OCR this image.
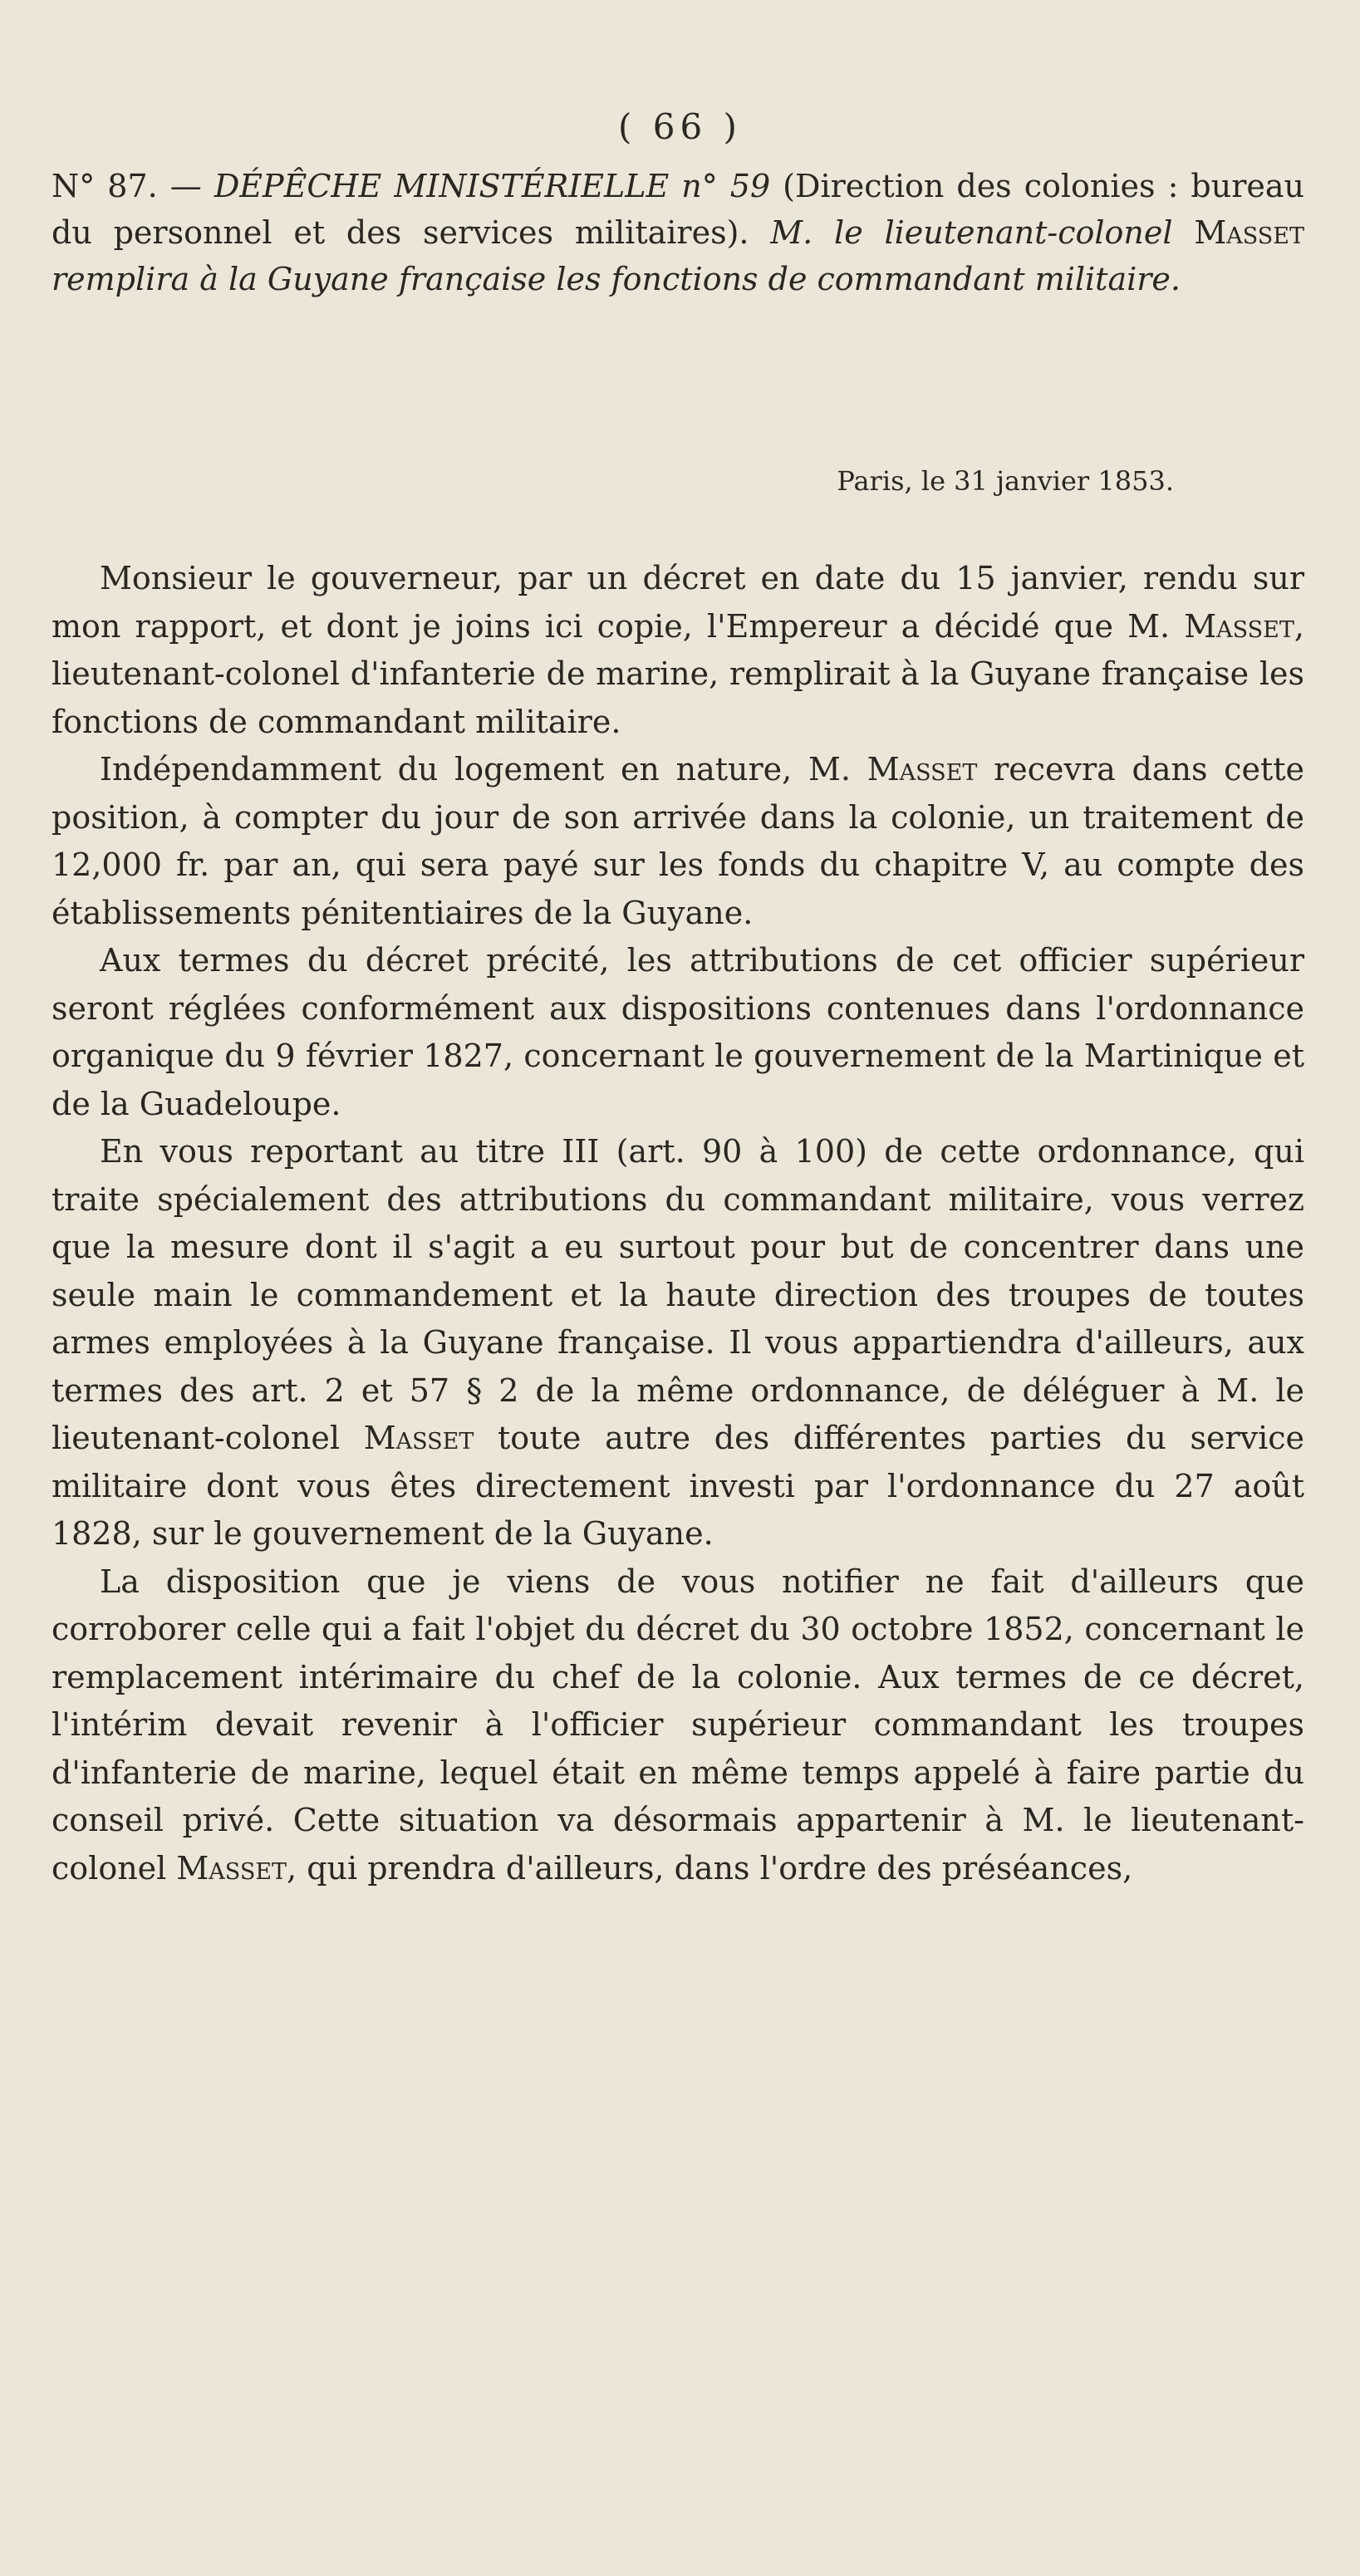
( 66 )
N° 87. — DÉPÊCHE MINISTÉRIELLE n° 59 (Direction des colonies : bureau du personnel et des services militaires). M. le lieutenant-colonel Masset remplira à la Guyane française les fonctions de commandant militaire.
Paris, le 31 janvier 1853.

Monsieur le gouverneur, par un décret en date du 15 janvier, rendu sur mon rapport, et dont je joins ici copie, l'Empereur a décidé que M. Masset, lieutenant-colonel d'infanterie de marine, remplirait à la Guyane française les fonctions de commandant militaire.

Indépendamment du logement en nature, M. Masset recevra dans cette position, à compter du jour de son arrivée dans la colonie, un traitement de 12,000 fr. par an, qui sera payé sur les fonds du chapitre V, au compte des établissements pénitentiaires de la Guyane.

Aux termes du décret précité, les attributions de cet officier supérieur seront réglées conformément aux dispositions contenues dans l'ordonnance organique du 9 février 1827, concernant le gouvernement de la Martinique et de la Guadeloupe.

En vous reportant au titre III (art. 90 à 100) de cette ordonnance, qui traite spécialement des attributions du commandant militaire, vous verrez que la mesure dont il s'agit a eu surtout pour but de concentrer dans une seule main le commandement et la haute direction des troupes de toutes armes employées à la Guyane française. Il vous appartiendra d'ailleurs, aux termes des art. 2 et 57 § 2 de la même ordonnance, de déléguer à M. le lieutenant-colonel Masset toute autre des différentes parties du service militaire dont vous êtes directement investi par l'ordonnance du 27 août 1828, sur le gouvernement de la Guyane.

La disposition que je viens de vous notifier ne fait d'ailleurs que corroborer celle qui a fait l'objet du décret du 30 octobre 1852, concernant le remplacement intérimaire du chef de la colonie. Aux termes de ce décret, l'intérim devait revenir à l'officier supérieur commandant les troupes d'infanterie de marine, lequel était en même temps appelé à faire partie du conseil privé. Cette situation va désormais appartenir à M. le lieutenant-colonel Masset, qui prendra d'ailleurs, dans l'ordre des préséances,
